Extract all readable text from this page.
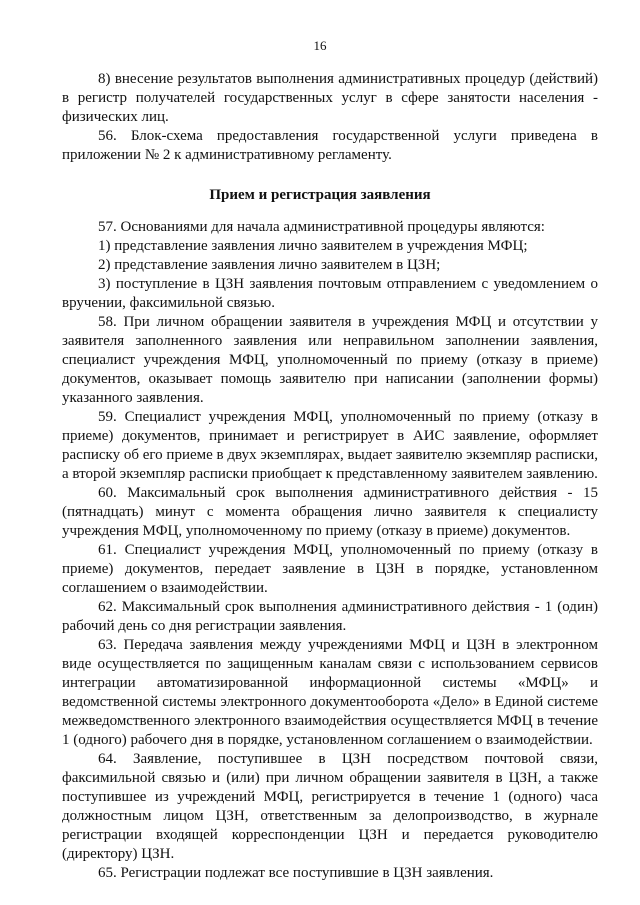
16

8) внесение результатов выполнения административных процедур (действий) в регистр получателей государственных услуг в сфере занятости населения - физических лиц.

56. Блок-схема предоставления государственной услуги приведена в приложении № 2 к административному регламенту.

Прием и регистрация заявления

57. Основаниями для начала административной процедуры являются:

1) представление заявления лично заявителем в учреждения МФЦ;

2) представление заявления лично заявителем в ЦЗН;

3) поступление в ЦЗН заявления почтовым отправлением с уведомлением о вручении, факсимильной связью.

58. При личном обращении заявителя в учреждения МФЦ и отсутствии у заявителя заполненного заявления или неправильном заполнении заявления, специалист учреждения МФЦ, уполномоченный по приему (отказу в приеме) документов, оказывает помощь заявителю при написании (заполнении формы) указанного заявления.

59. Специалист учреждения МФЦ, уполномоченный по приему (отказу в приеме) документов, принимает и регистрирует в АИС заявление, оформляет расписку об его приеме в двух экземплярах, выдает заявителю экземпляр расписки, а второй экземпляр расписки приобщает к представленному заявителем заявлению.

60. Максимальный срок выполнения административного действия - 15 (пятнадцать) минут с момента обращения лично заявителя к специалисту учреждения МФЦ, уполномоченному по приему (отказу в приеме) документов.

61. Специалист учреждения МФЦ, уполномоченный по приему (отказу в приеме) документов, передает заявление в ЦЗН в порядке, установленном соглашением о взаимодействии.

62. Максимальный срок выполнения административного действия - 1 (один) рабочий день со дня регистрации заявления.

63. Передача заявления между учреждениями МФЦ и ЦЗН в электронном виде осуществляется по защищенным каналам связи с использованием сервисов интеграции автоматизированной информационной системы «МФЦ» и ведомственной системы электронного документооборота «Дело» в Единой системе межведомственного электронного взаимодействия осуществляется МФЦ в течение 1 (одного) рабочего дня в порядке, установленном соглашением о взаимодействии.

64. Заявление, поступившее в ЦЗН посредством почтовой связи, факсимильной связью и (или) при личном обращении заявителя в ЦЗН, а также поступившее из учреждений МФЦ, регистрируется в течение 1 (одного) часа должностным лицом ЦЗН, ответственным за делопроизводство, в журнале регистрации входящей корреспонденции ЦЗН и передается руководителю (директору) ЦЗН.

65. Регистрации подлежат все поступившие в ЦЗН заявления.
